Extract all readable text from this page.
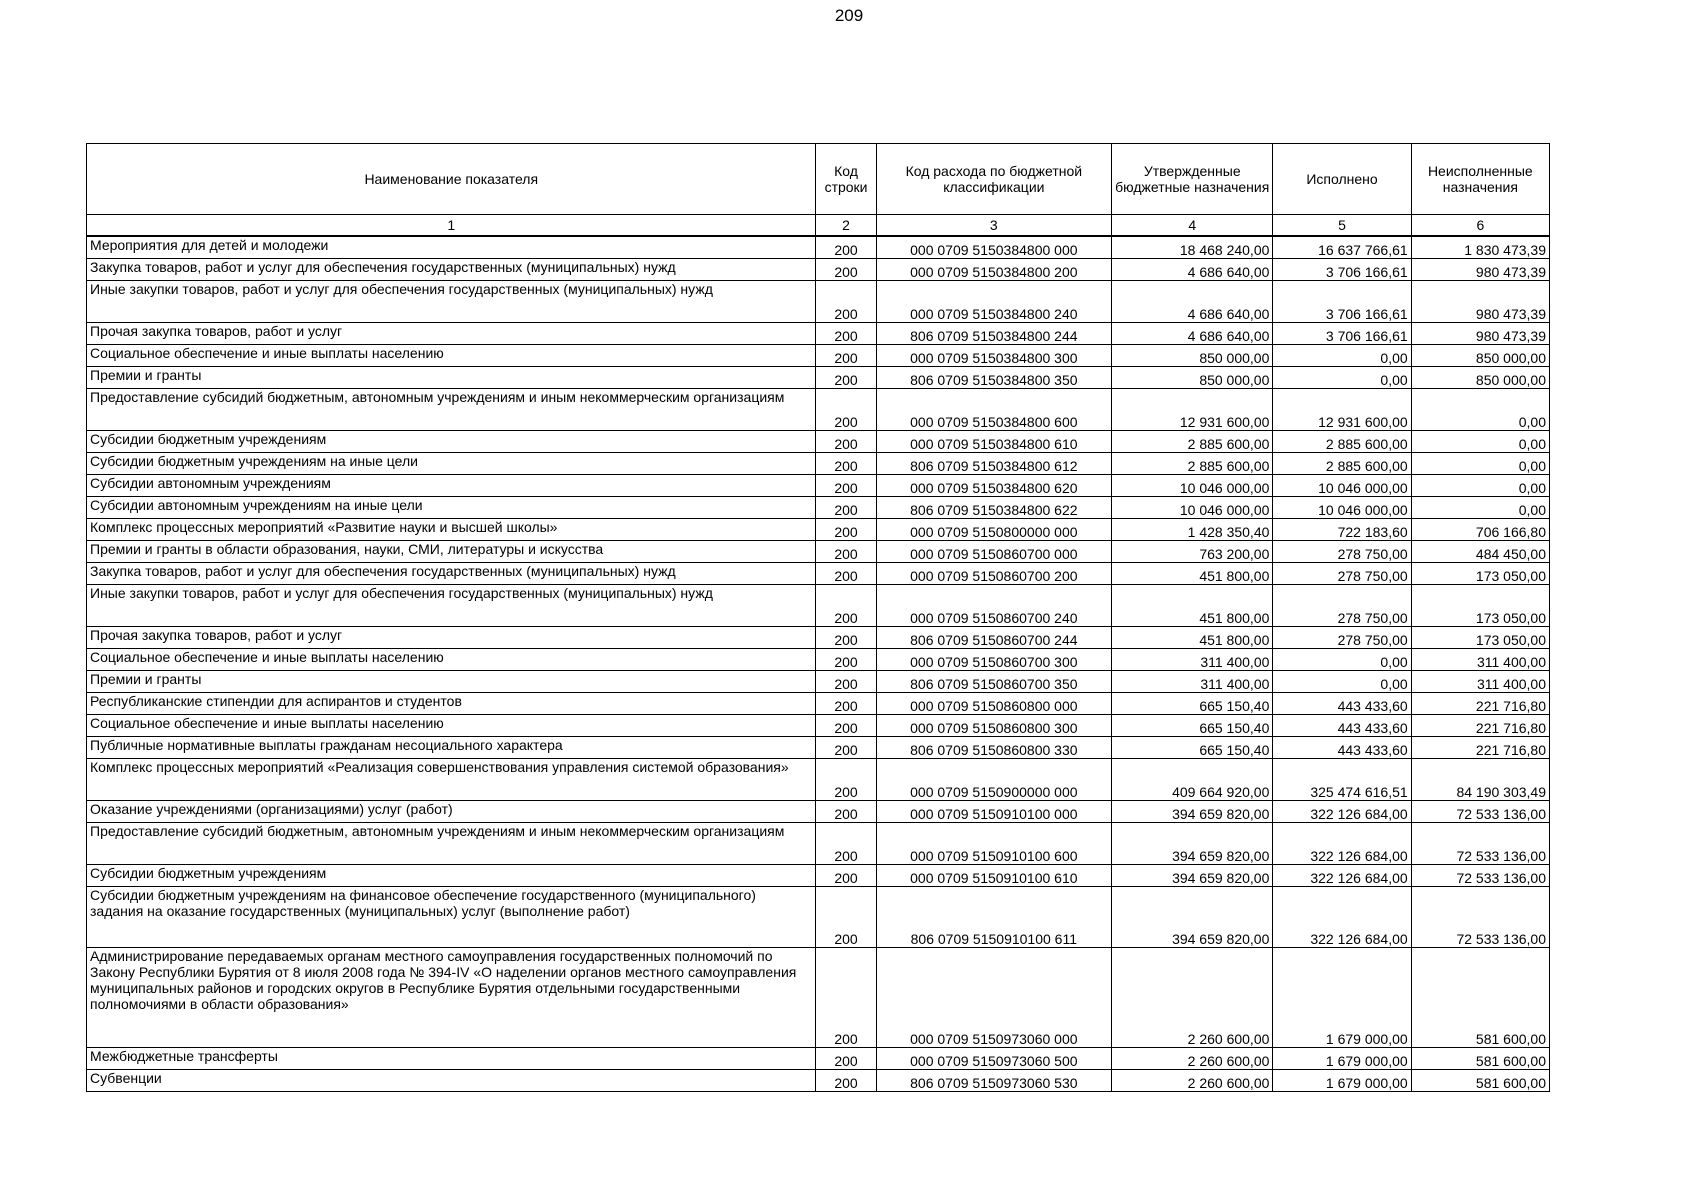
209
Наименование показателя	Код строки	Код расхода по бюджетной классификации	Утвержденные бюджетные назначения	Исполнено	Неисполненные назначения
1	2	3	4	5	6
Мероприятия для детей и молодежи	200	000 0709 5150384800 000	18 468 240,00	16 637 766,61	1 830 473,39
Закупка товаров, работ и услуг для обеспечения государственных (муниципальных) нужд	200	000 0709 5150384800 200	4 686 640,00	3 706 166,61	980 473,39
Иные закупки товаров, работ и услуг для обеспечения государственных (муниципальных) нужд	200	000 0709 5150384800 240	4 686 640,00	3 706 166,61	980 473,39
Прочая закупка товаров, работ и услуг	200	806 0709 5150384800 244	4 686 640,00	3 706 166,61	980 473,39
Социальное обеспечение и иные выплаты населению	200	000 0709 5150384800 300	850 000,00	0,00	850 000,00
Премии и гранты	200	806 0709 5150384800 350	850 000,00	0,00	850 000,00
Предоставление субсидий бюджетным, автономным учреждениям и иным некоммерческим организациям	200	000 0709 5150384800 600	12 931 600,00	12 931 600,00	0,00
Субсидии бюджетным учреждениям	200	000 0709 5150384800 610	2 885 600,00	2 885 600,00	0,00
Субсидии бюджетным учреждениям на иные цели	200	806 0709 5150384800 612	2 885 600,00	2 885 600,00	0,00
Субсидии автономным учреждениям	200	000 0709 5150384800 620	10 046 000,00	10 046 000,00	0,00
Субсидии автономным учреждениям на иные цели	200	806 0709 5150384800 622	10 046 000,00	10 046 000,00	0,00
Комплекс процессных мероприятий «Развитие науки и высшей школы»	200	000 0709 5150800000 000	1 428 350,40	722 183,60	706 166,80
Премии и гранты в области образования, науки, СМИ, литературы и искусства	200	000 0709 5150860700 000	763 200,00	278 750,00	484 450,00
Закупка товаров, работ и услуг для обеспечения государственных (муниципальных) нужд	200	000 0709 5150860700 200	451 800,00	278 750,00	173 050,00
Иные закупки товаров, работ и услуг для обеспечения государственных (муниципальных) нужд	200	000 0709 5150860700 240	451 800,00	278 750,00	173 050,00
Прочая закупка товаров, работ и услуг	200	806 0709 5150860700 244	451 800,00	278 750,00	173 050,00
Социальное обеспечение и иные выплаты населению	200	000 0709 5150860700 300	311 400,00	0,00	311 400,00
Премии и гранты	200	806 0709 5150860700 350	311 400,00	0,00	311 400,00
Республиканские стипендии для аспирантов и студентов	200	000 0709 5150860800 000	665 150,40	443 433,60	221 716,80
Социальное обеспечение и иные выплаты населению	200	000 0709 5150860800 300	665 150,40	443 433,60	221 716,80
Публичные нормативные выплаты гражданам несоциального характера	200	806 0709 5150860800 330	665 150,40	443 433,60	221 716,80
Комплекс процессных мероприятий «Реализация совершенствования управления системой образования»	200	000 0709 5150900000 000	409 664 920,00	325 474 616,51	84 190 303,49
Оказание учреждениями (организациями) услуг (работ)	200	000 0709 5150910100 000	394 659 820,00	322 126 684,00	72 533 136,00
Предоставление субсидий бюджетным, автономным учреждениям и иным некоммерческим организациям	200	000 0709 5150910100 600	394 659 820,00	322 126 684,00	72 533 136,00
Субсидии бюджетным учреждениям	200	000 0709 5150910100 610	394 659 820,00	322 126 684,00	72 533 136,00
Субсидии бюджетным учреждениям на финансовое обеспечение государственного (муниципального) задания на оказание государственных (муниципальных) услуг (выполнение работ)	200	806 0709 5150910100 611	394 659 820,00	322 126 684,00	72 533 136,00
Администрирование передаваемых органам местного самоуправления государственных полномочий по Закону Республики Бурятия от 8 июля 2008 года № 394-IV «О наделении органов местного самоуправления муниципальных районов и городских округов в Республике Бурятия отдельными государственными полномочиями в области образования»	200	000 0709 5150973060 000	2 260 600,00	1 679 000,00	581 600,00
Межбюджетные трансферты	200	000 0709 5150973060 500	2 260 600,00	1 679 000,00	581 600,00
Субвенции	200	806 0709 5150973060 530	2 260 600,00	1 679 000,00	581 600,00
